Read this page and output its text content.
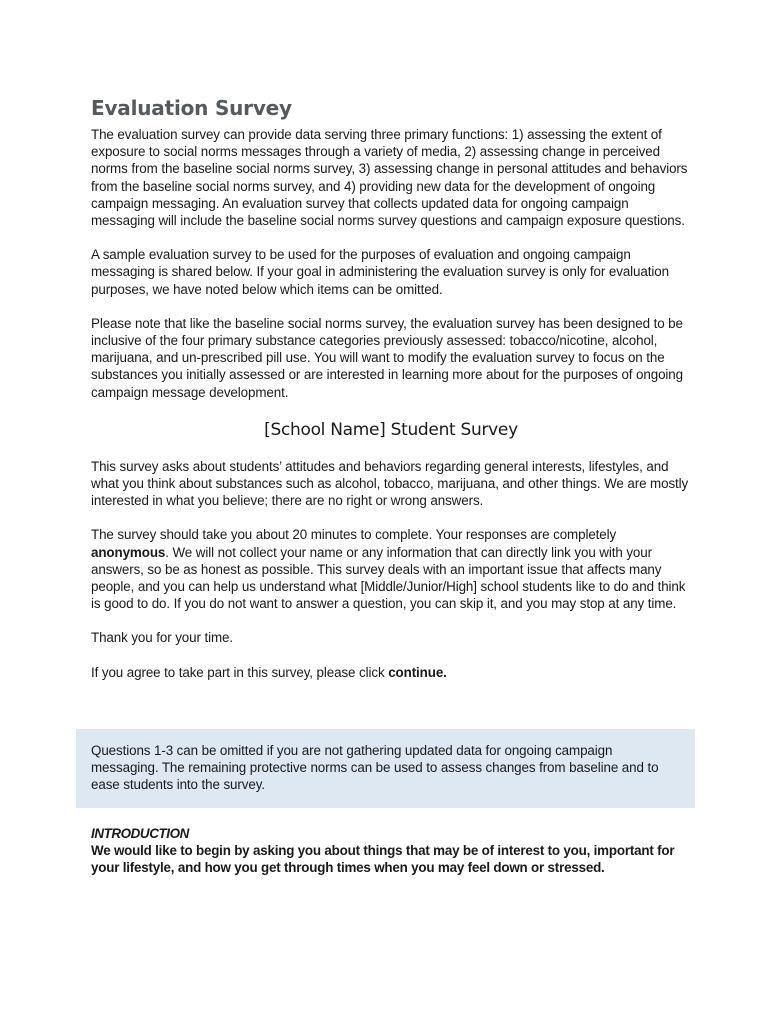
Evaluation Survey

The evaluation survey can provide data serving three primary functions: 1) assessing the extent of exposure to social norms messages through a variety of media, 2) assessing change in perceived norms from the baseline social norms survey, 3) assessing change in personal attitudes and behaviors from the baseline social norms survey, and 4) providing new data for the development of ongoing campaign messaging. An evaluation survey that collects updated data for ongoing campaign messaging will include the baseline social norms survey questions and campaign exposure questions.

A sample evaluation survey to be used for the purposes of evaluation and ongoing campaign messaging is shared below. If your goal in administering the evaluation survey is only for evaluation purposes, we have noted below which items can be omitted.

Please note that like the baseline social norms survey, the evaluation survey has been designed to be inclusive of the four primary substance categories previously assessed: tobacco/nicotine, alcohol, marijuana, and un-prescribed pill use. You will want to modify the evaluation survey to focus on the substances you initially assessed or are interested in learning more about for the purposes of ongoing campaign message development.

[School Name] Student Survey

This survey asks about students’ attitudes and behaviors regarding general interests, lifestyles, and what you think about substances such as alcohol, tobacco, marijuana, and other things. We are mostly interested in what you believe; there are no right or wrong answers.

The survey should take you about 20 minutes to complete. Your responses are completely anonymous. We will not collect your name or any information that can directly link you with your answers, so be as honest as possible. This survey deals with an important issue that affects many people, and you can help us understand what [Middle/Junior/High] school students like to do and think is good to do. If you do not want to answer a question, you can skip it, and you may stop at any time.

Thank you for your time.

If you agree to take part in this survey, please click continue.

Questions 1-3 can be omitted if you are not gathering updated data for ongoing campaign messaging. The remaining protective norms can be used to assess changes from baseline and to ease students into the survey.

INTRODUCTION
We would like to begin by asking you about things that may be of interest to you, important for your lifestyle, and how you get through times when you may feel down or stressed.
